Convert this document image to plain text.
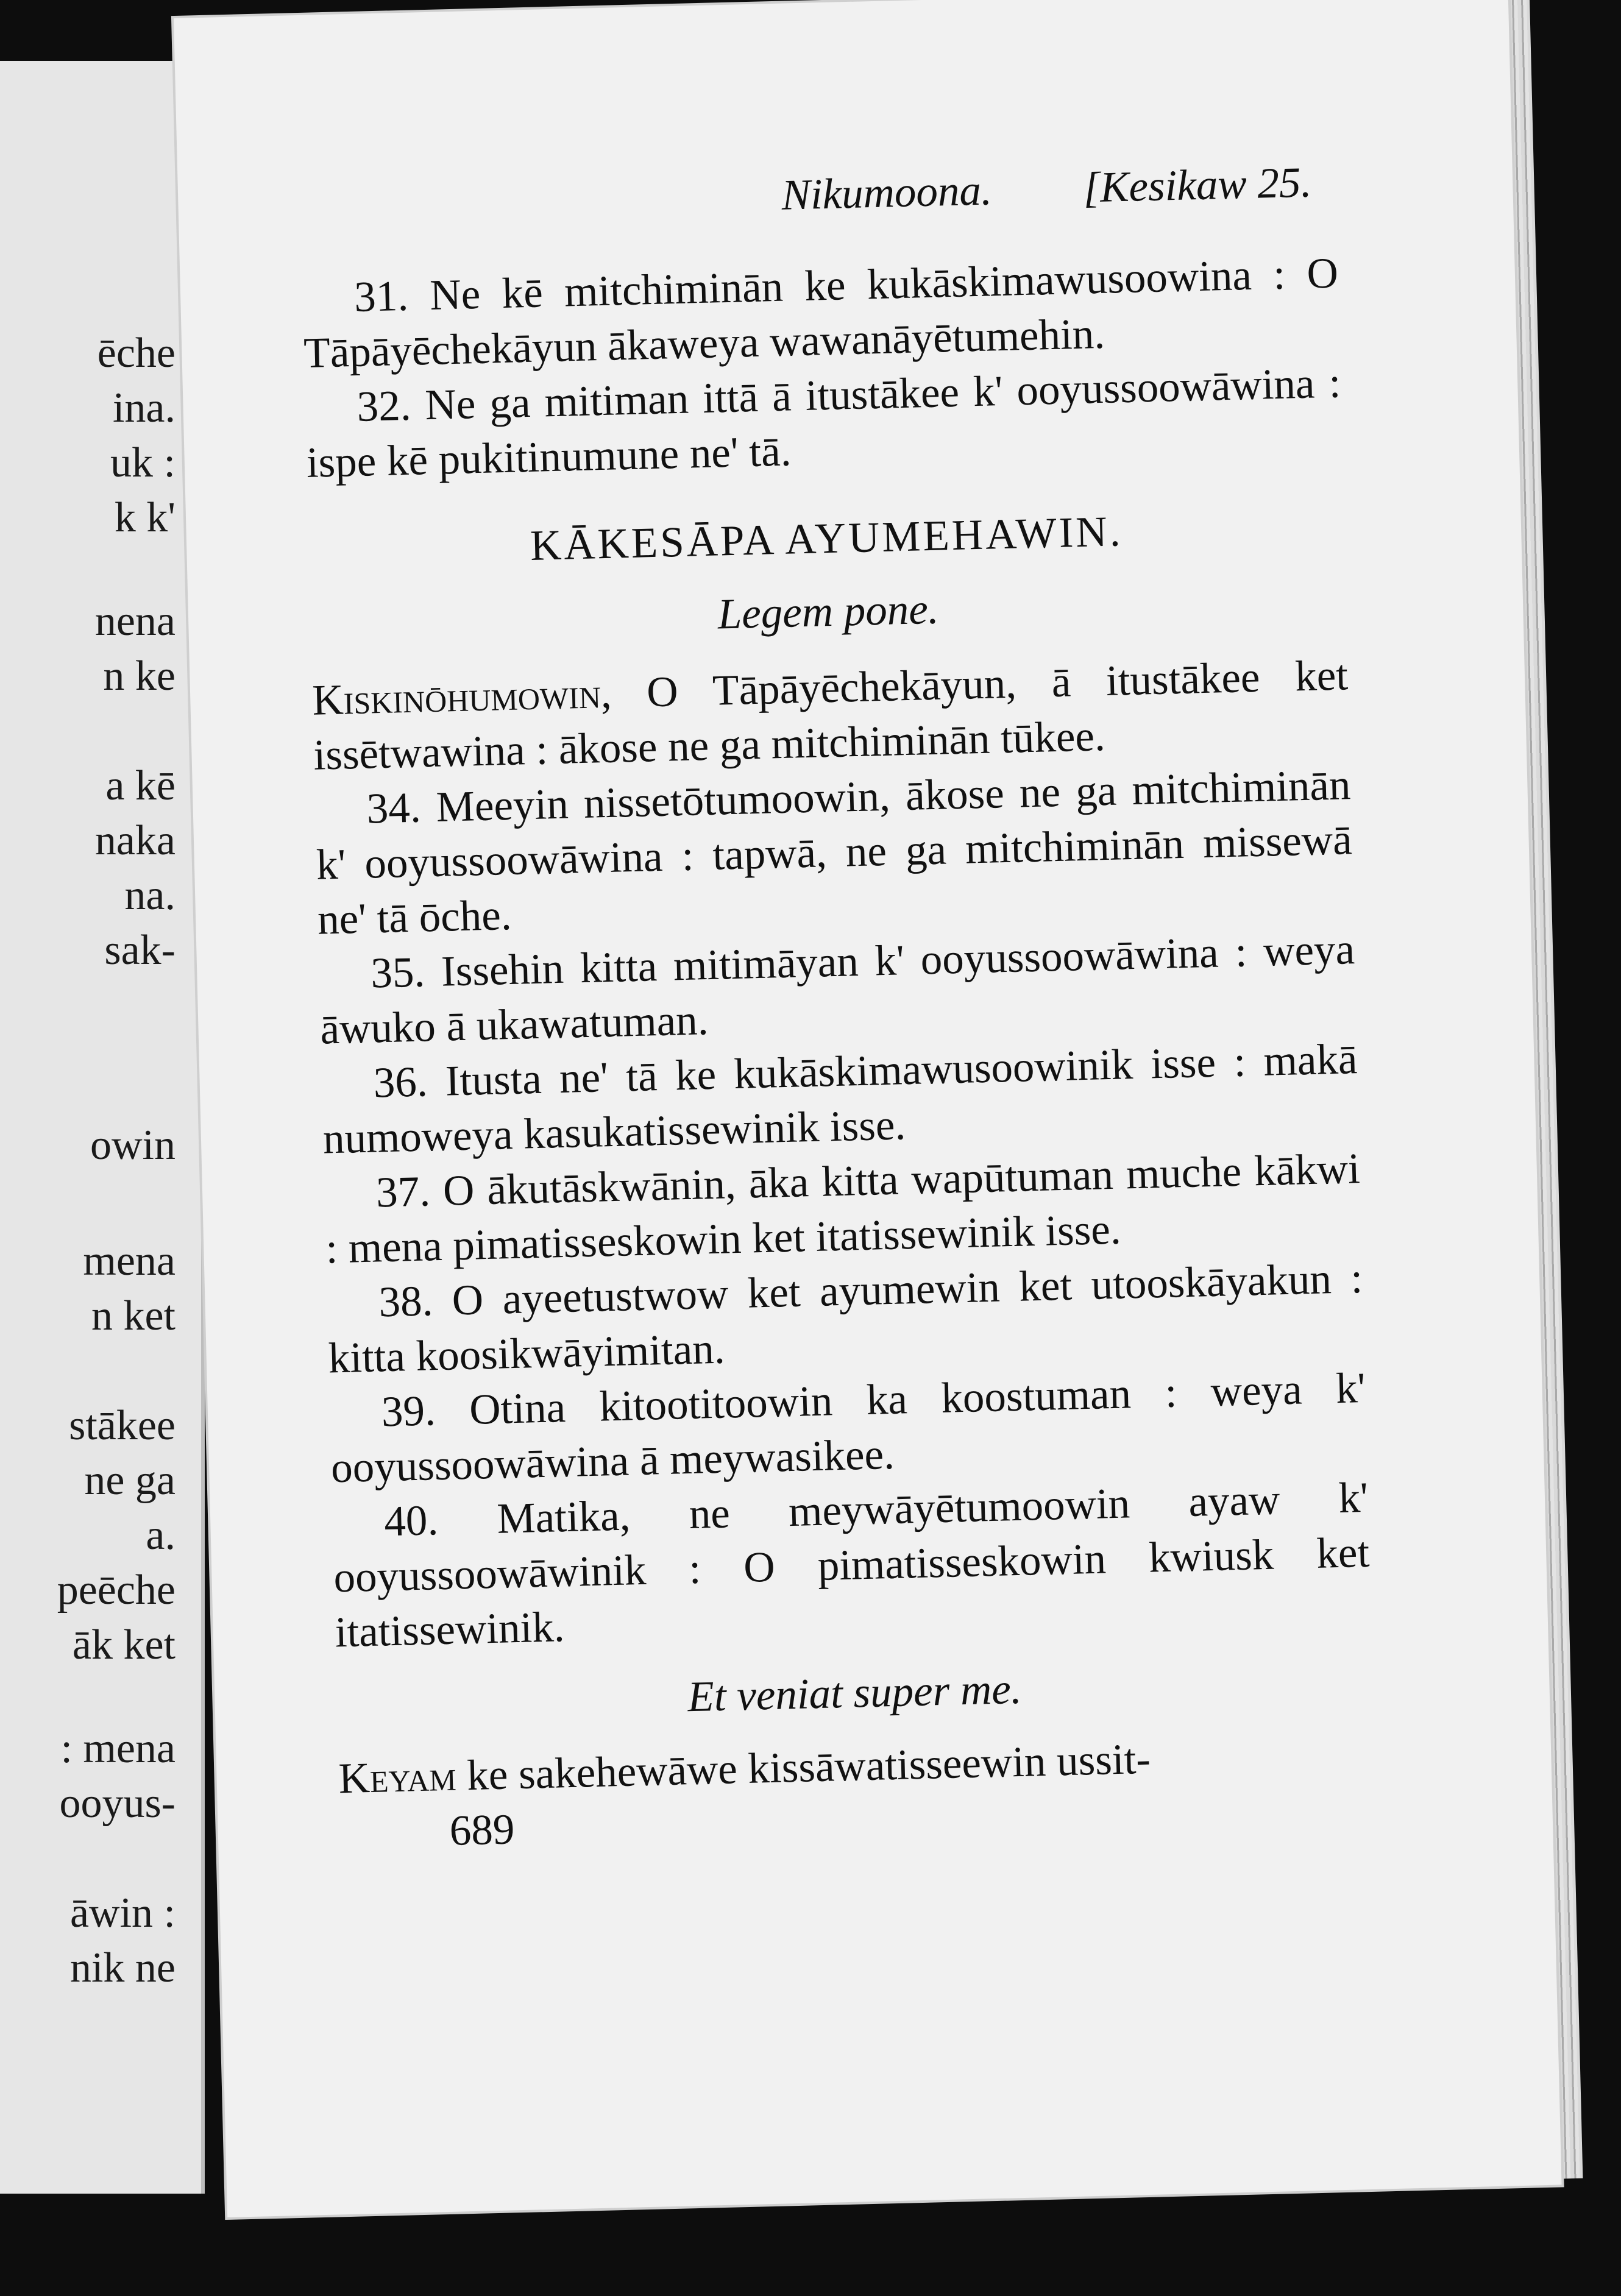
ēche
ina.
uk :
k k'
nena
n ke
a kē
naka
na.
sak-
owin
mena
n ket
stākee
ne ga
a.
peēche
āk ket
: mena
ooyus-
āwin :
nik ne
Nikumoona. [Kesikaw 25.
31. Ne kē mitchiminān ke kukāskimawusoowina : O Tāpāyēchekāyun ākaweya wawanāyētumehin.
32. Ne ga mitiman ittā ā itustākee k' ooyussoowāwina : ispe kē pukitinumune ne' tā.
KĀKESĀPA AYUMEHAWIN.
Legem pone.
Kiskinōhumowin, O Tāpāyēchekāyun, ā itustākee ket issētwawina : ākose ne ga mitchiminān tūkee.
34. Meeyin nissetōtumoowin, ākose ne ga mitchiminān k' ooyussoowāwina : tapwā, ne ga mitchiminān missewā ne' tā ōche.
35. Issehin kitta mitimāyan k' ooyussoowāwina : weya āwuko ā ukawatuman.
36. Itusta ne' tā ke kukāskimawusoowinik isse : makā numoweya kasukatissewinik isse.
37. O ākutāskwānin, āka kitta wapūtuman muche kākwi : mena pimatisseskowin ket itatissewinik isse.
38. O ayeetustwow ket ayumewin ket utooskāyakun : kitta koosikwāyimitan.
39. Otina kitootitoowin ka koostuman : weya k' ooyussoowāwina ā meywasikee.
40. Matika, ne meywāyētumoowin ayaw k' ooyussoowāwinik : O pimatisseskowin kwiusk ket itatissewinik.
Et veniat super me.
Keyam ke sakehewāwe kissāwatisseewin ussit-
689
